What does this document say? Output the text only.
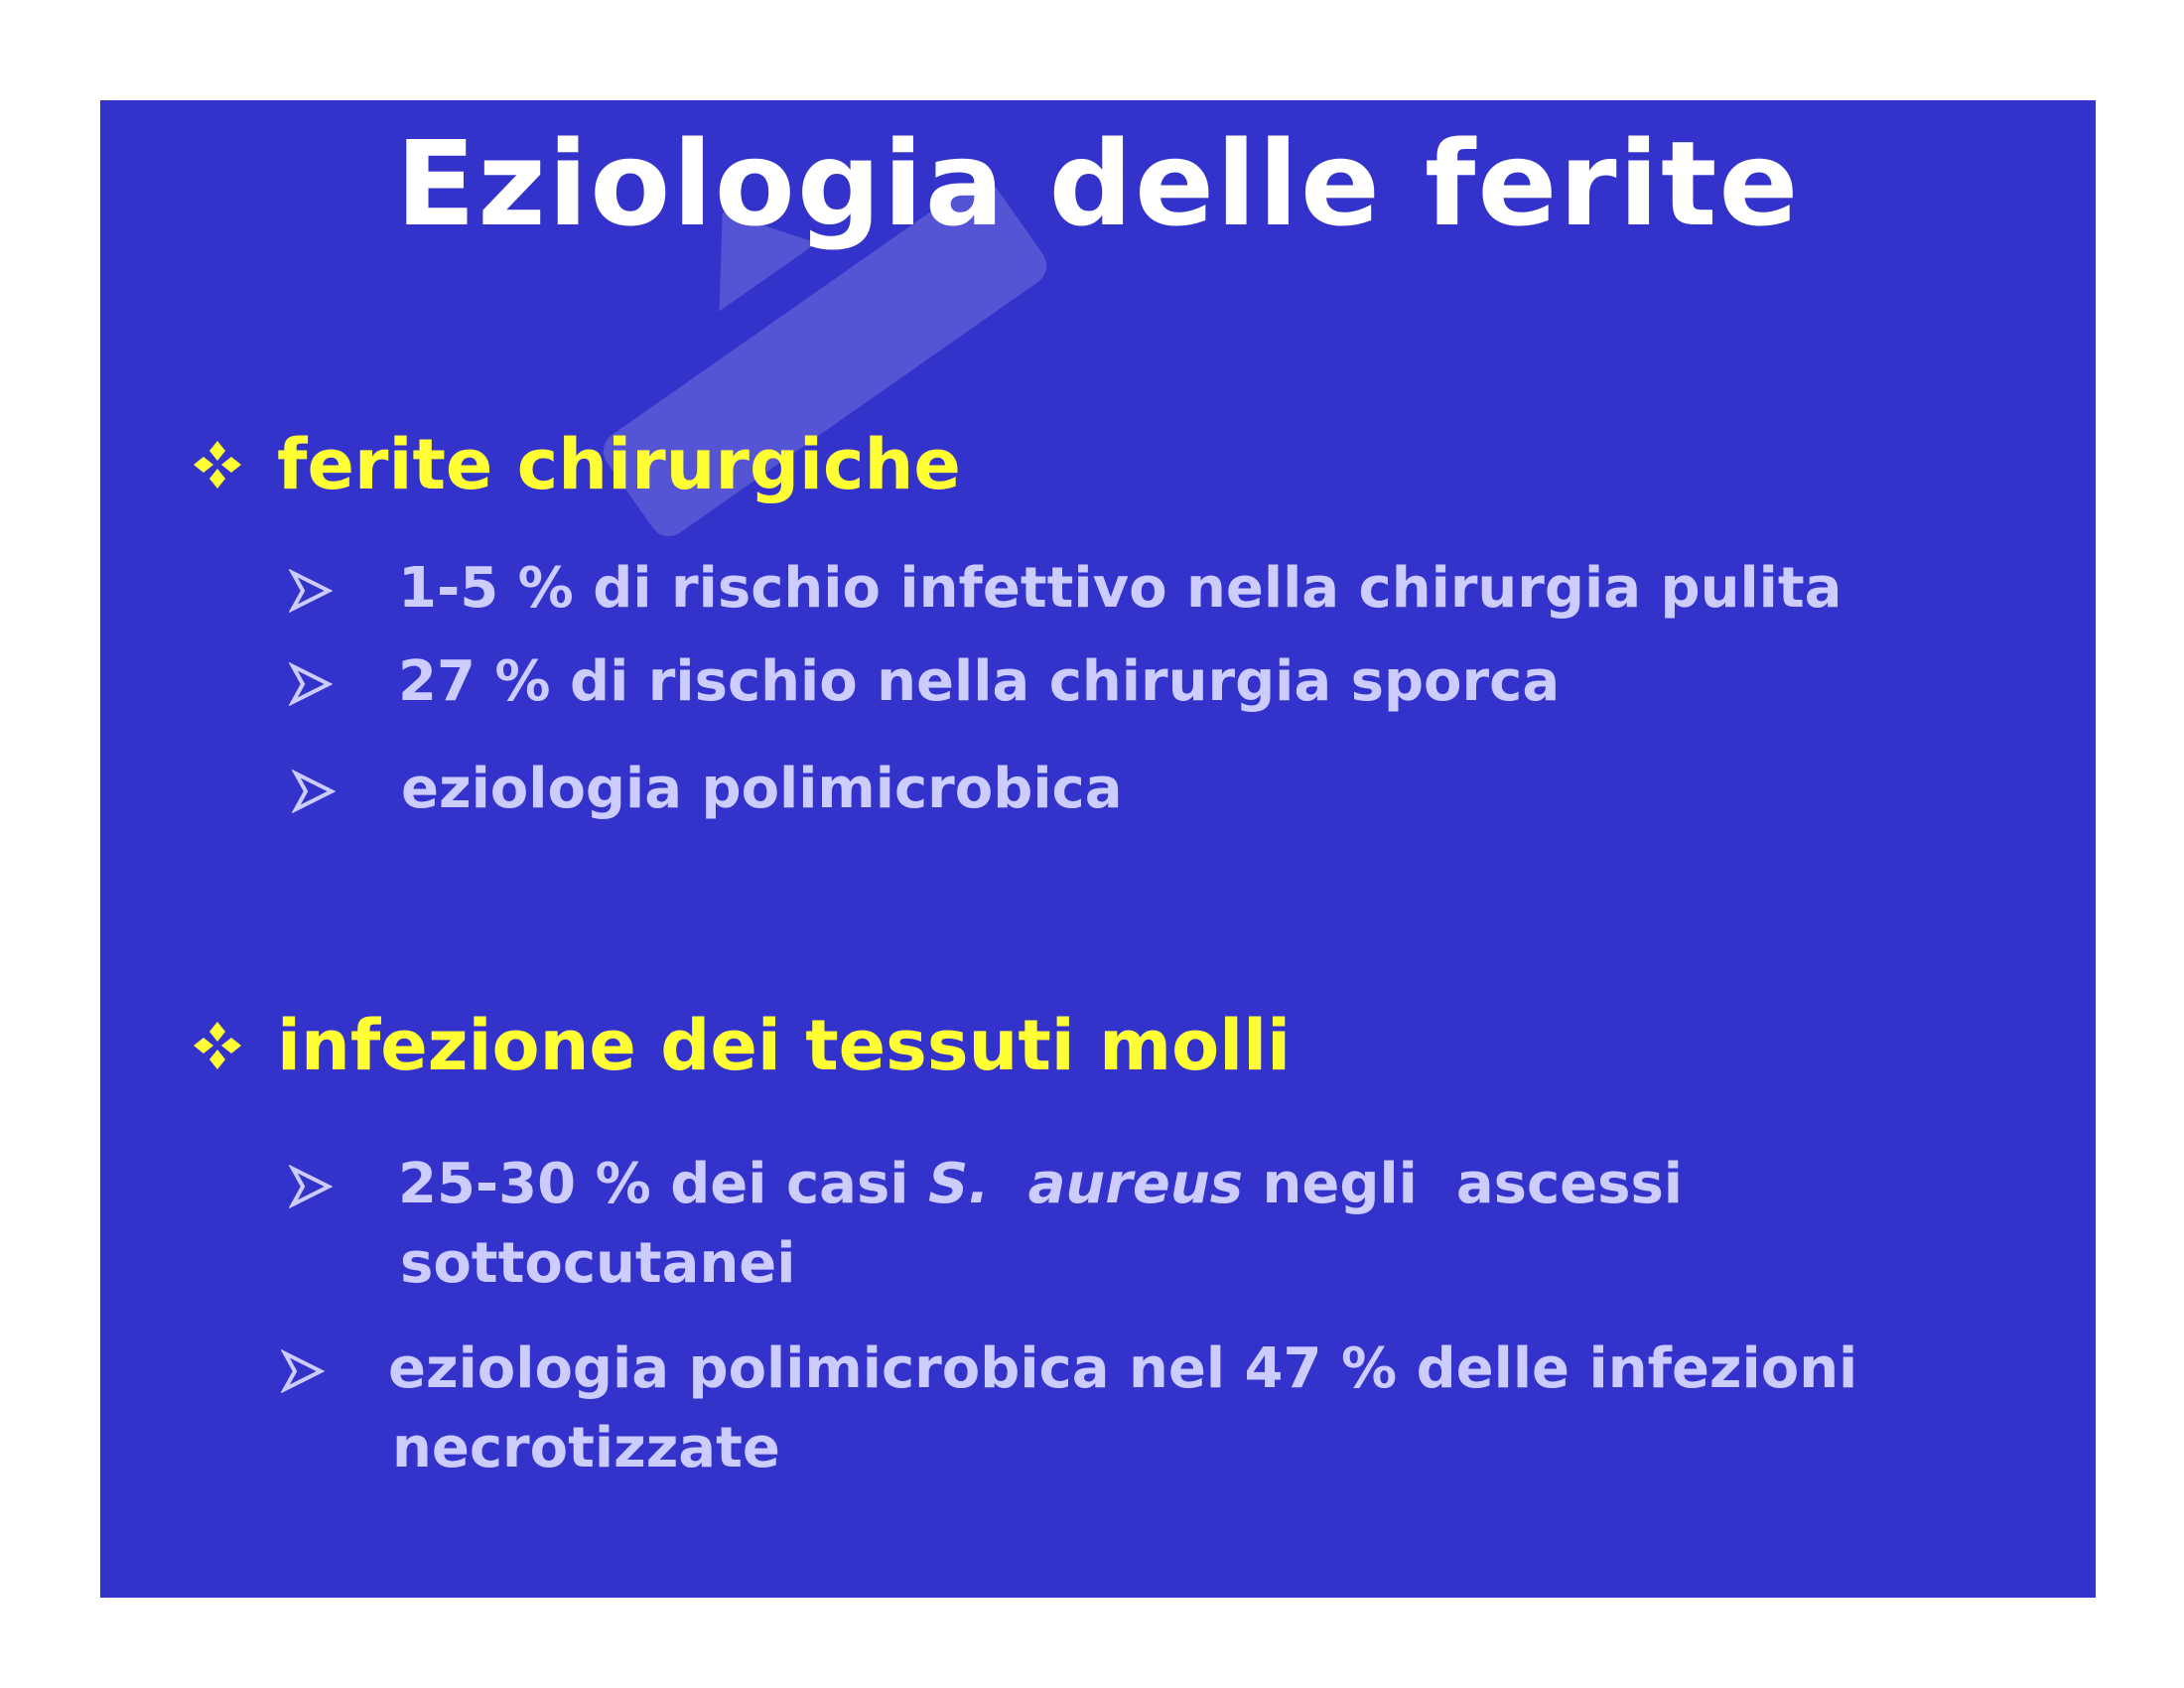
Eziologia delle ferite
ferite chirurgiche
1-5 % di rischio infettivo nella chirurgia pulita
27 % di rischio nella chirurgia sporca
eziologia polimicrobica
infezione dei tessuti molli
25-30 % dei casi S.  aureus negli  ascessi
sottocutanei
eziologia polimicrobica nel 47 % delle infezioni
necrotizzate
